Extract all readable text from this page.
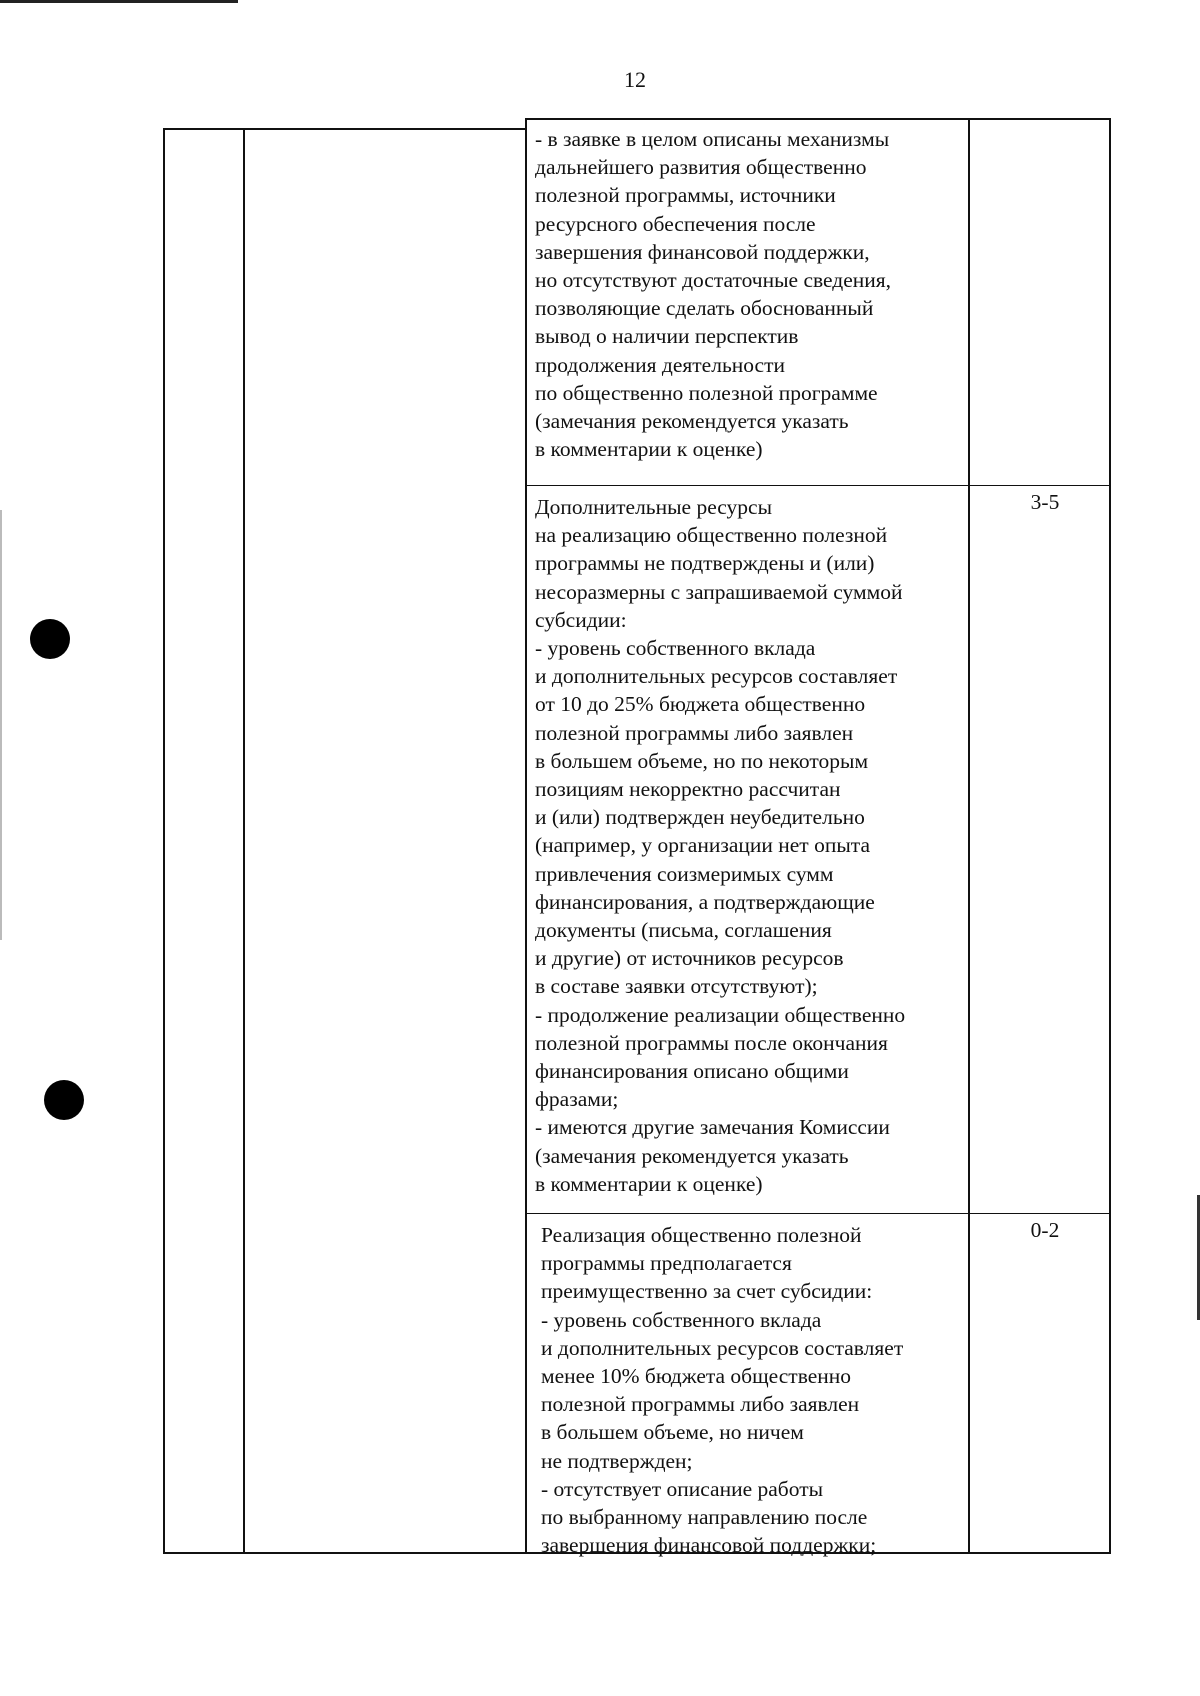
12
- в заявке в целом описаны механизмы
дальнейшего развития общественно
полезной программы, источники
ресурсного обеспечения после
завершения финансовой поддержки,
но отсутствуют достаточные сведения,
позволяющие сделать обоснованный
вывод о наличии перспектив
продолжения деятельности
по общественно полезной программе
(замечания рекомендуется указать
в комментарии к оценке)
Дополнительные ресурсы
на реализацию общественно полезной
программы не подтверждены и (или)
несоразмерны с запрашиваемой суммой
субсидии:
- уровень собственного вклада
и дополнительных ресурсов составляет
от 10 до 25% бюджета общественно
полезной программы либо заявлен
в большем объеме, но по некоторым
позициям некорректно рассчитан
и (или) подтвержден неубедительно
(например, у организации нет опыта
привлечения соизмеримых сумм
финансирования, а подтверждающие
документы (письма, соглашения
и другие) от источников ресурсов
в составе заявки отсутствуют);
- продолжение реализации общественно
полезной программы после окончания
финансирования описано общими
фразами;
- имеются другие замечания Комиссии
(замечания рекомендуется указать
в комментарии к оценке)
Реализация общественно полезной
программы предполагается
преимущественно за счет субсидии:
- уровень собственного вклада
и дополнительных ресурсов составляет
менее 10% бюджета общественно
полезной программы либо заявлен
в большем объеме, но ничем
не подтвержден;
- отсутствует описание работы
по выбранному направлению после
завершения финансовой поддержки;
3-5
0-2
